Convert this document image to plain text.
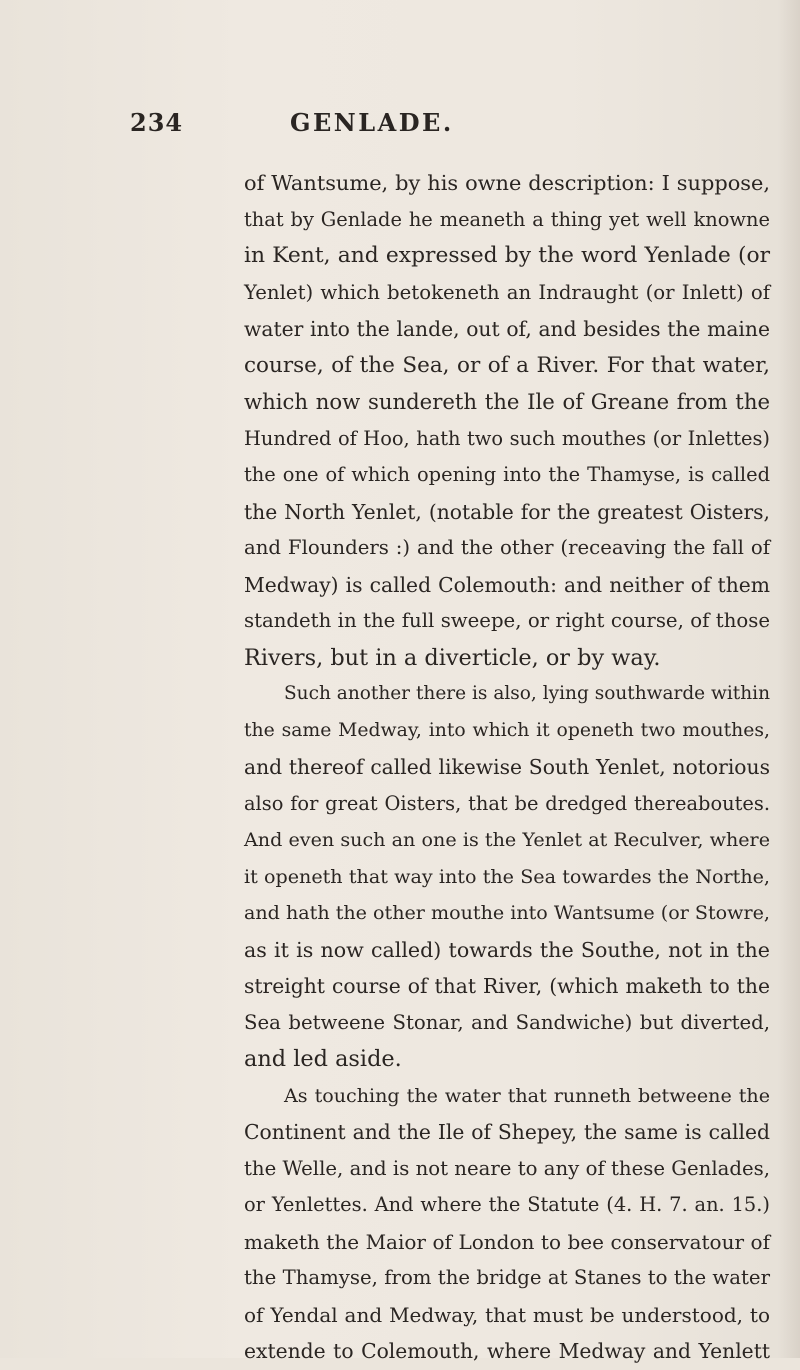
234	GENLADE.
of Wantsume, by his owne description: I suppose,
that by Genlade he meaneth a thing yet well knowne
in Kent, and expressed by the word Yenlade (or
Yenlet) which betokeneth an Indraught (or Inlett) of
water into the lande, out of, and besides the maine
course, of the Sea, or of a River. For that water,
which now sundereth the Ile of Greane from the
Hundred of Hoo, hath two such mouthes (or Inlettes)
the one of which opening into the Thamyse, is called
the North Yenlet, (notable for the greatest Oisters,
and Flounders :) and the other (receaving the fall of
Medway) is called Colemouth: and neither of them
standeth in the full sweepe, or right course, of those
Rivers, but in a diverticle, or by way.
Such another there is also, lying southwarde within
the same Medway, into which it openeth two mouthes,
and thereof called likewise South Yenlet, notorious
also for great Oisters, that be dredged thereaboutes.
And even such an one is the Yenlet at Reculver, where
it openeth that way into the Sea towardes the Northe,
and hath the other mouthe into Wantsume (or Stowre,
as it is now called) towards the Southe, not in the
streight course of that River, (which maketh to the
Sea betweene Stonar, and Sandwiche) but diverted,
and led aside.
As touching the water that runneth betweene the
Continent and the Ile of Shepey, the same is called
the Welle, and is not neare to any of these Genlades,
or Yenlettes. And where the Statute (4. H. 7. an. 15.)
maketh the Maior of London to bee conservatour of
the Thamyse, from the bridge at Stanes to the water
of Yendal and Medway, that must be understood, to
extende to Colemouth, where Medway and Yenlett
